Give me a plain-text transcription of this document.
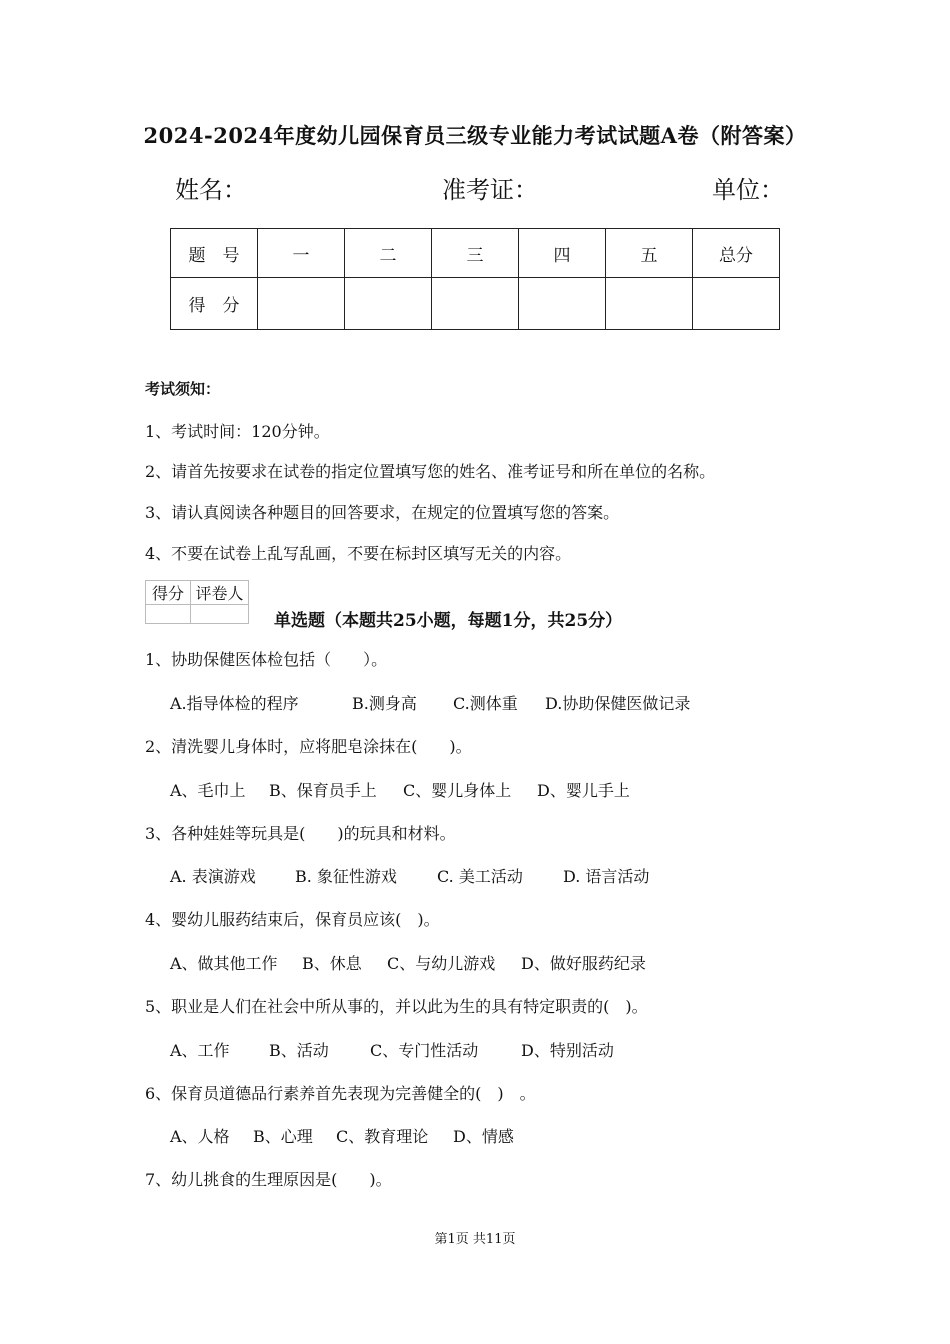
2024-2024年度幼儿园保育员三级专业能力考试试题A卷（附答案）
姓名：	准考证：	单位：
题　号	一	二	三	四	五	总分
得　分						
考试须知：
1、考试时间：120分钟。
2、请首先按要求在试卷的指定位置填写您的姓名、准考证号和所在单位的名称。
3、请认真阅读各种题目的回答要求，在规定的位置填写您的答案。
4、不要在试卷上乱写乱画，不要在标封区填写无关的内容。
得分	评卷人

单选题（本题共25小题，每题1分，共25分）
1、协助保健医体检包括（　　）。
A.指导体检的程序	B.测身高 C.测体重 D.协助保健医做记录
2、清洗婴儿身体时，应将肥皂涂抹在(　　)。
A、毛巾上 B、保育员手上 C、婴儿身体上 D、婴儿手上
3、各种娃娃等玩具是(　　)的玩具和材料。
A. 表演游戏 B. 象征性游戏	C. 美工活动	D. 语言活动
4、婴幼儿服药结束后，保育员应该(　)。
A、做其他工作 B、休息 C、与幼儿游戏 D、做好服药纪录
5、职业是人们在社会中所从事的，并以此为生的具有特定职责的(　)。
A、工作 B、活动	C、专门性活动	D、特别活动
6、保育员道德品行素养首先表现为完善健全的(　)　。
A、人格 B、心理 C、教育理论 D、情感
7、幼儿挑食的生理原因是(　　)。
第1页 共11页
